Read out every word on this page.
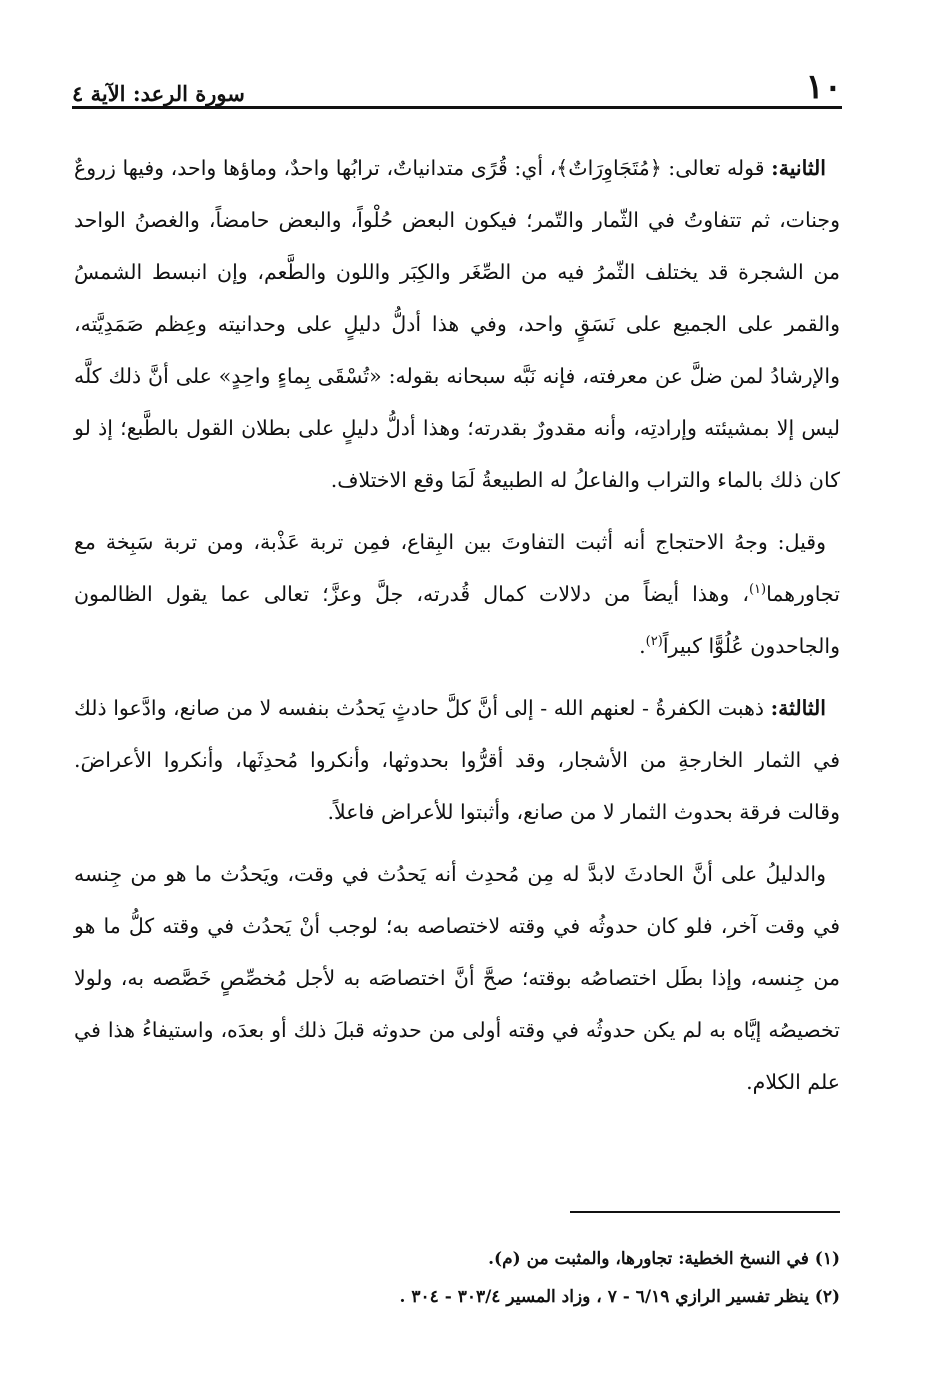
١٠
سورة الرعد: الآية ٤

الثانية: قوله تعالى: ﴿مُتَجَاوِرَاتٌ﴾، أي: قُرًى متدانياتٌ، ترابُها واحدٌ، وماؤها واحد، وفيها زروعٌ وجنات، ثم تتفاوتُ في الثّمار والتّمر؛ فيكون البعض حُلْواً، والبعض حامضاً، والغصنُ الواحد من الشجرة قد يختلف الثّمرُ فيه من الصِّغَر والكِبَر واللون والطَّعم، وإن انبسط الشمسُ والقمر على الجميع على نَسَقٍ واحد، وفي هذا أدلُّ دليلٍ على وحدانيته وعِظم صَمَدِيَّته، والإرشادُ لمن ضلَّ عن معرفته، فإنه نَبَّه سبحانه بقوله: «تُسْقَى بِماءٍ واحِدٍ» على أنَّ ذلك كلَّه ليس إلا بمشيئته وإرادتِه، وأنه مقدورٌ بقدرته؛ وهذا أدلُّ دليلٍ على بطلان القول بالطَّبع؛ إذ لو كان ذلك بالماء والتراب والفاعلُ له الطبيعةُ لَمَا وقع الاختلاف.

وقيل: وجهُ الاحتجاج أنه أثبت التفاوتَ بين البِقاع، فمِن تربة عَذْبة، ومن تربة سَبِخة مع تجاورهما$^{(١)}$، وهذا أيضاً من دلالات كمال قُدرته، جلَّ وعزَّ؛ تعالى عما يقول الظالمون والجاحدون عُلُوًّا كبيراً$^{(٢)}$.

الثالثة: ذهبت الكفرةُ - لعنهم الله - إلى أنَّ كلَّ حادثٍ يَحدُث بنفسه لا من صانع، وادَّعوا ذلك في الثمار الخارجةِ من الأشجار، وقد أقرُّوا بحدوثها، وأنكروا مُحدِثَها، وأنكروا الأعراضَ. وقالت فرقة بحدوث الثمار لا من صانع، وأثبتوا للأعراض فاعلاً.

والدليلُ على أنَّ الحادثَ لابدَّ له مِن مُحدِث أنه يَحدُث في وقت، ويَحدُث ما هو من جِنسه في وقت آخر، فلو كان حدوثُه في وقته لاختصاصه به؛ لوجب أنْ يَحدُث في وقته كلُّ ما هو من جِنسه، وإذا بطَل اختصاصُه بوقته؛ صحَّ أنَّ اختصاصَه به لأجل مُخصِّصٍ خَصَّصه به، ولولا تخصيصُه إيَّاه به لم يكن حدوثُه في وقته أولى من حدوثه قبلَ ذلك أو بعدَه، واستيفاءُ هذا في علم الكلام.

(١) في النسخ الخطية: تجاورها، والمثبت من (م).

(٢) ينظر تفسير الرازي ٦/١٩ - ٧ ، وزاد المسير ٣٠٣/٤ - ٣٠٤ .
